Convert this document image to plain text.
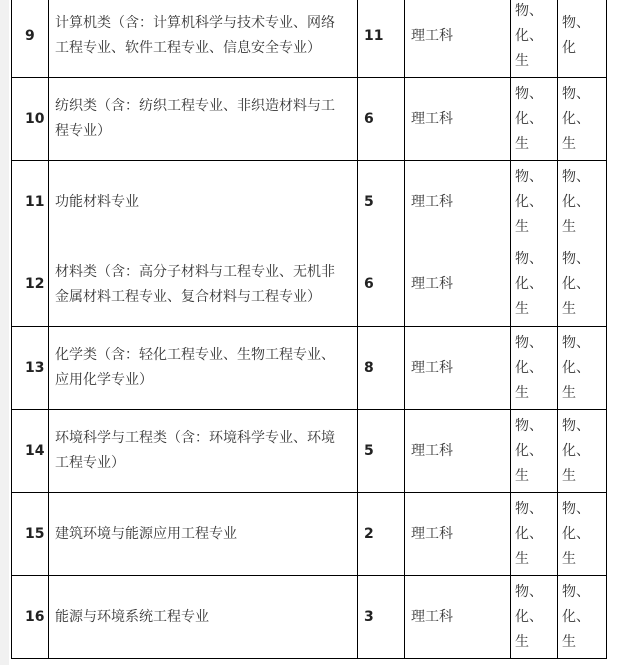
9	计算机类（含：计算机科学与技术专业、网络工程专业、软件工程专业、信息安全专业）	11	理工科	物、
化、
生	物、
化

10	纺织类（含：纺织工程专业、非织造材料与工程专业）	6	理工科	物、
化、
生	物、
化、
生

11	功能材料专业	5	理工科	物、
化、
生	物、
化、
生

12	材料类（含：高分子材料与工程专业、无机非金属材料工程专业、复合材料与工程专业）	6	理工科	物、
化、
生	物、
化、
生

13	化学类（含：轻化工程专业、生物工程专业、应用化学专业）	8	理工科	物、
化、
生	物、
化、
生

14	环境科学与工程类（含：环境科学专业、环境工程专业）	5	理工科	物、
化、
生	物、
化、
生

15	建筑环境与能源应用工程专业	2	理工科	物、
化、
生	物、
化、
生

16	能源与环境系统工程专业	3	理工科	物、
化、
生	物、
化、
生
